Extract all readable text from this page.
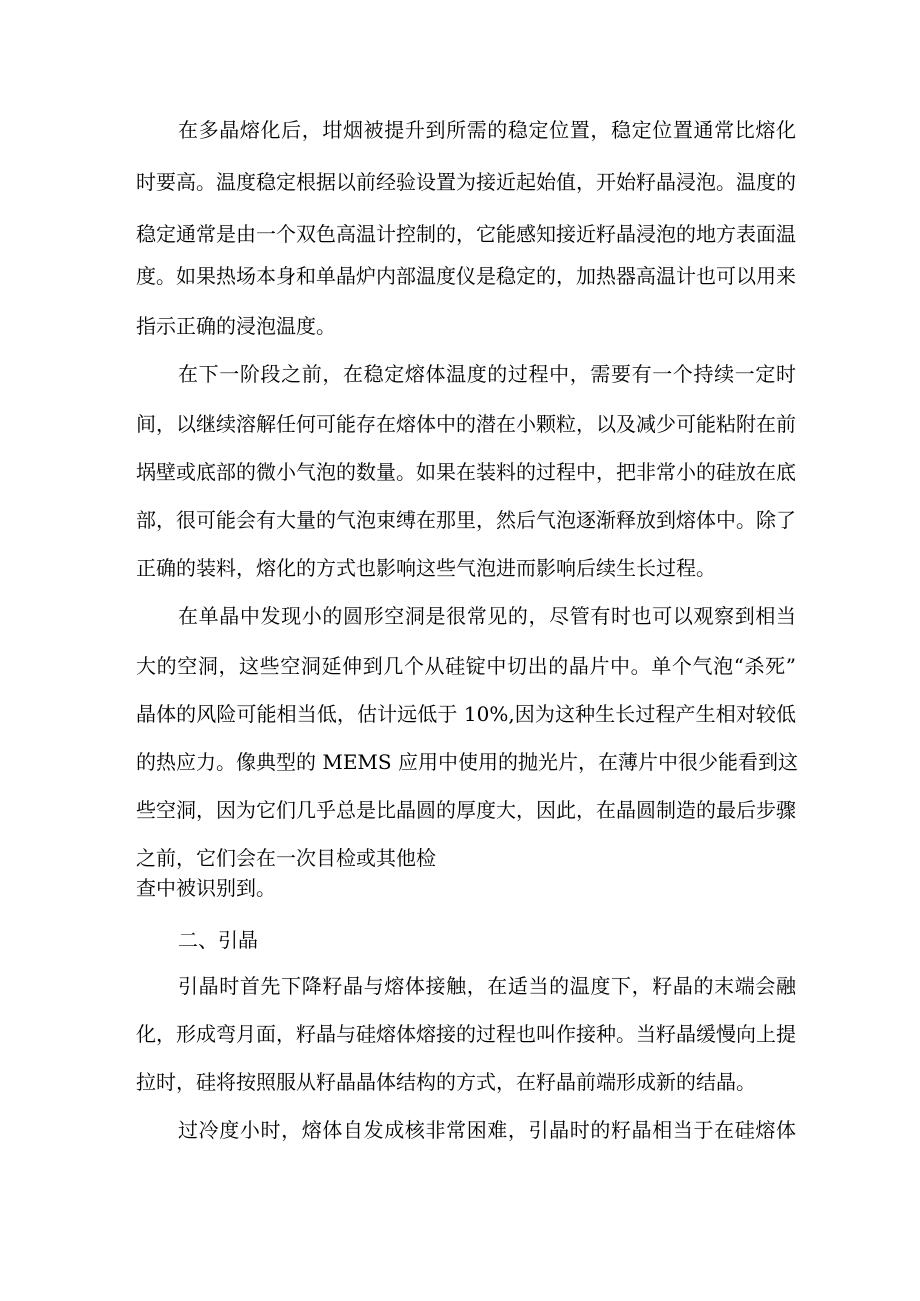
在多晶熔化后，坩烟被提升到所需的稳定位置，稳定位置通常比熔化
时要高。温度稳定根据以前经验设置为接近起始值，开始籽晶浸泡。温度的
稳定通常是由一个双色高温计控制的，它能感知接近籽晶浸泡的地方表面温
度。如果热场本身和单晶炉内部温度仪是稳定的，加热器高温计也可以用来
指示正确的浸泡温度。
在下一阶段之前，在稳定熔体温度的过程中，需要有一个持续一定时
间，以继续溶解任何可能存在熔体中的潜在小颗粒，以及减少可能粘附在前
埚壁或底部的微小气泡的数量。如果在装料的过程中，把非常小的硅放在底
部，很可能会有大量的气泡束缚在那里，然后气泡逐渐释放到熔体中。除了
正确的装料，熔化的方式也影响这些气泡进而影响后续生长过程。
在单晶中发现小的圆形空洞是很常见的，尽管有时也可以观察到相当
大的空洞，这些空洞延伸到几个从硅锭中切出的晶片中。单个气泡“杀死”
晶体的风险可能相当低，估计远低于 10%,因为这种生长过程产生相对较低
的热应力。像典型的 MEMS 应用中使用的抛光片，在薄片中很少能看到这
些空洞，因为它们几乎总是比晶圆的厚度大，因此，在晶圆制造的最后步骤
之前，它们会在一次目检或其他检
查中被识别到。
二、引晶
引晶时首先下降籽晶与熔体接触，在适当的温度下，籽晶的末端会融
化，形成弯月面，籽晶与硅熔体熔接的过程也叫作接种。当籽晶缓慢向上提
拉时，硅将按照服从籽晶晶体结构的方式，在籽晶前端形成新的结晶。
过冷度小时，熔体自发成核非常困难，引晶时的籽晶相当于在硅熔体
